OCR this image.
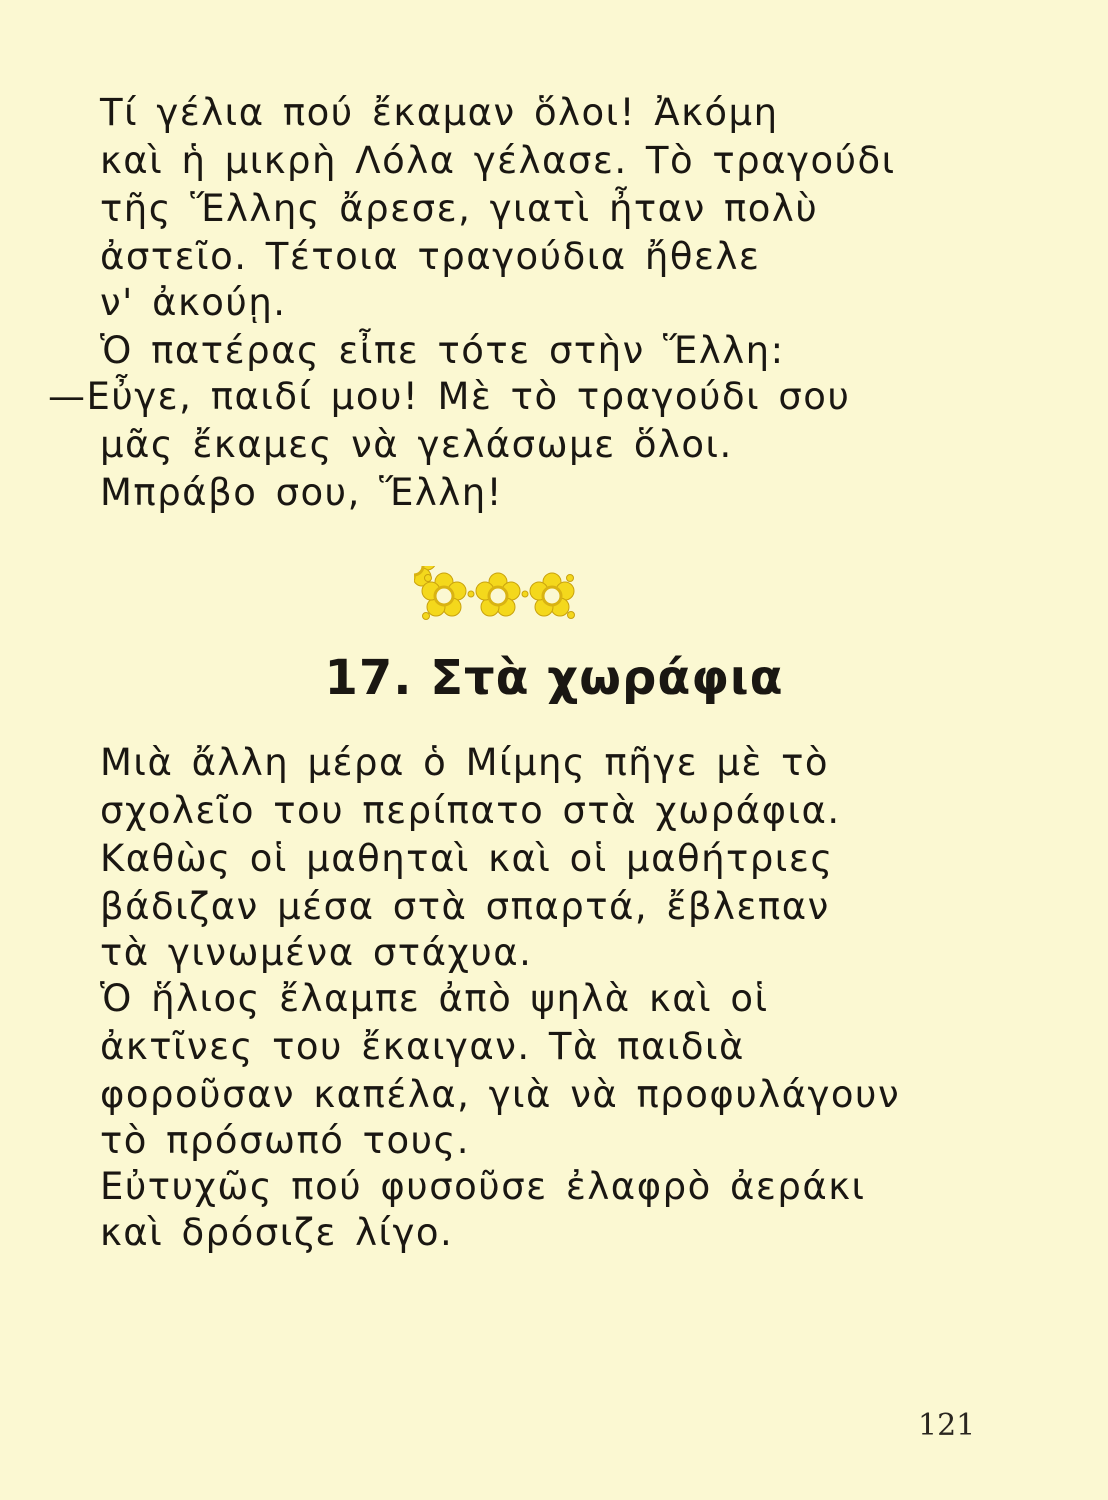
Τί γέλια πού ἔκαμαν ὅλοι! Ἀκόμη
καὶ ἡ μικρὴ Λόλα γέλασε. Τὸ τραγούδι
τῆς Ἕλλης ἄρεσε, γιατὶ ἦταν πολὺ
ἀστεῖο. Τέτοια τραγούδια ἤθελε
ν' ἀκούῃ.
Ὁ πατέρας εἶπε τότε στὴν Ἕλλη:
—Εὖγε, παιδί μου! Μὲ τὸ τραγούδι σου
μᾶς ἔκαμες νὰ γελάσωμε ὅλοι.
Μπράβο σου, Ἕλλη!
17. Στὰ χωράφια
Μιὰ ἄλλη μέρα ὁ Μίμης πῆγε μὲ τὸ
σχολεῖο του περίπατο στὰ χωράφια.
Καθὼς οἱ μαθηταὶ καὶ οἱ μαθήτριες
βάδιζαν μέσα στὰ σπαρτά, ἔβλεπαν
τὰ γινωμένα στάχυα.
Ὁ ἥλιος ἔλαμπε ἀπὸ ψηλὰ καὶ οἱ
ἀκτῖνες του ἔκαιγαν. Τὰ παιδιὰ
φοροῦσαν καπέλα, γιὰ νὰ προφυλάγουν
τὸ πρόσωπό τους.
Εὐτυχῶς πού φυσοῦσε ἐλαφρὸ ἀεράκι
καὶ δρόσιζε λίγο.
121
